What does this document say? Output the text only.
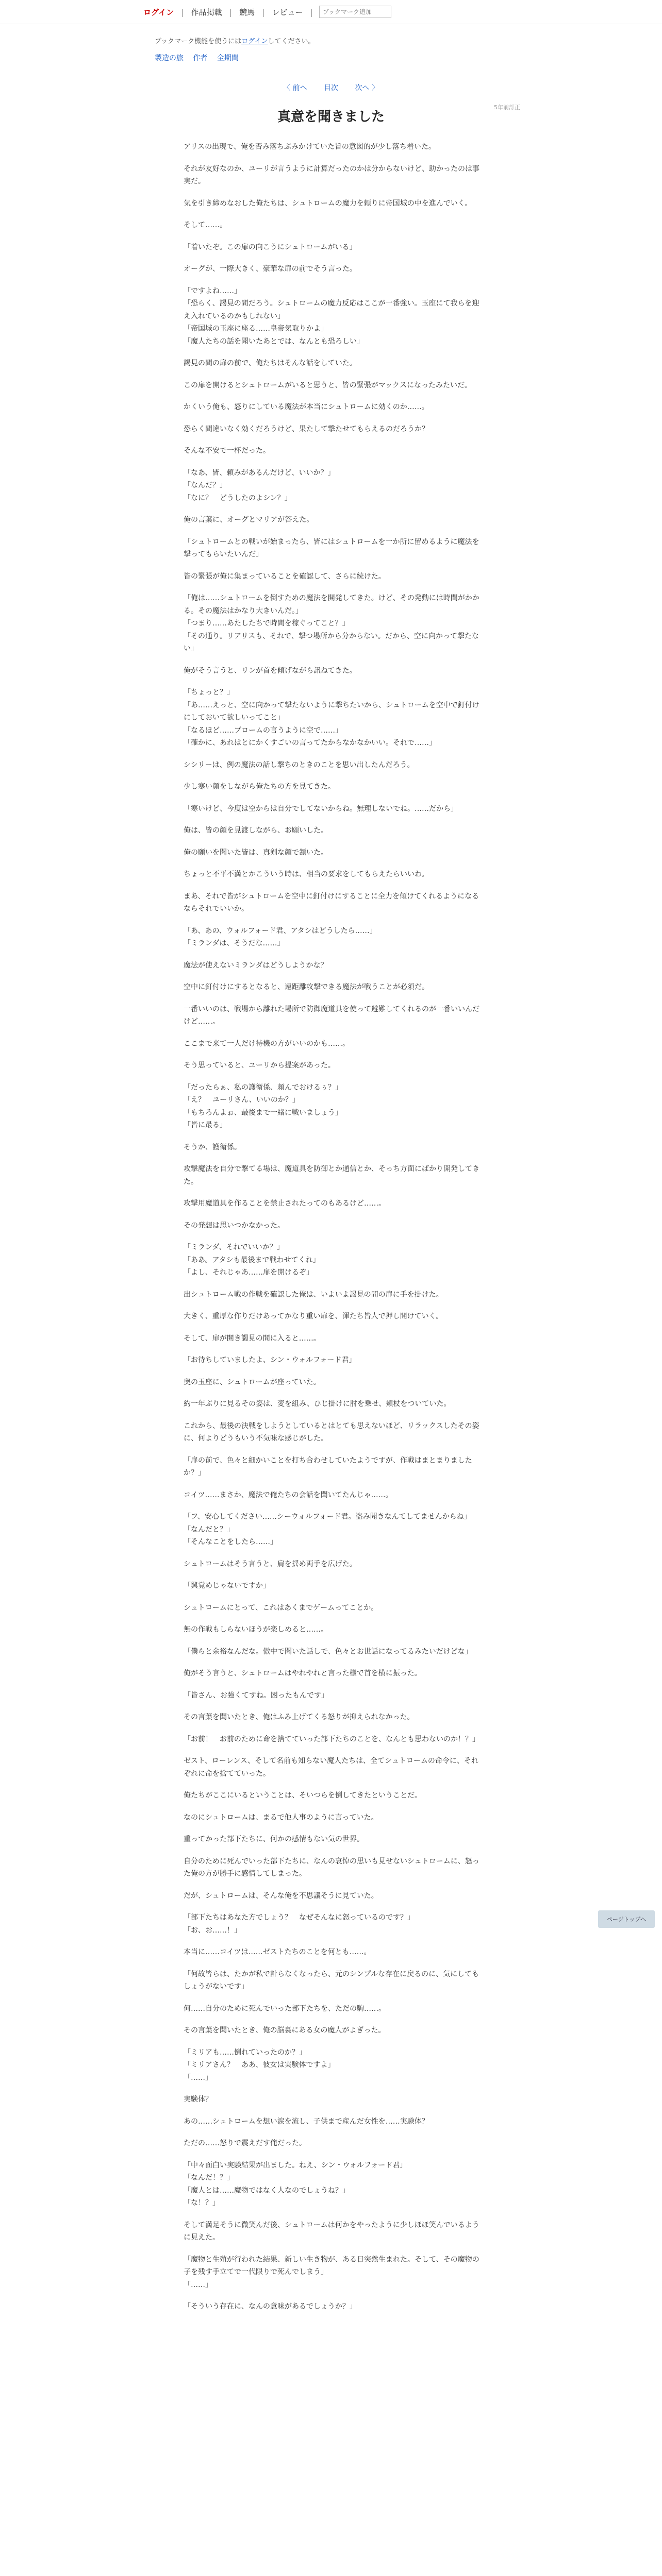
ログイン | 作品掲載 | 競馬 | レビュー |
ブックマーク追加
ブックマーク機能を使うにはログインしてください。
製造の旅 作者 全期間
〈 前へ 目次 次へ 〉
5年前訂正
真意を聞きました

アリスの出現で、俺を否み落ちぶみかけていた旨の意図的が少し落ち着いた。

それが友好なのか、ユーリが言うように計算だったのかは分からないけど、助かったのは事実だ。

気を引き締めなおした俺たちは、シュトロームの魔力を頼りに帝国城の中を進んでいく。

そして……。

「着いたぞ。この扉の向こうにシュトロームがいる」

オーグが、一際大きく、豪華な扉の前でそう言った。

「ですよね……」
「恐らく、謁見の間だろう。シュトロームの魔力反応はここが一番強い。玉座にて我らを迎え入れているのかもしれない」
「帝国城の玉座に座る……皇帝気取りかよ」
「魔人たちの話を聞いたあとでは、なんとも恐ろしい」

謁見の間の扉の前で、俺たちはそんな話をしていた。

この扉を開けるとシュトロームがいると思うと、皆の緊張がマックスになったみたいだ。

かくいう俺も、怒りにしている魔法が本当にシュトロームに効くのか……。

恐らく間違いなく効くだろうけど、果たして撃たせてもらえるのだろうか？

そんな不安で一杯だった。

「なあ、皆、頼みがあるんだけど、いいか？」
「なんだ？」
「なに？　どうしたのよシン？」

俺の言葉に、オーグとマリアが答えた。

「シュトロームとの戦いが始まったら、皆にはシュトロームを一か所に留めるように魔法を撃ってもらいたいんだ」

皆の緊張が俺に集まっていることを確認して、さらに続けた。

「俺は……シュトロームを倒すための魔法を開発してきた。けど、その発動には時間がかかる。その魔法はかなり大きいんだ。」
「つまり……あたしたちで時間を稼ぐってこと？」
「その通り。リアリスも、それで、撃つ場所から分からない。だから、空に向かって撃たない」

俺がそう言うと、リンが首を傾げながら訊ねてきた。

「ちょっと？」
「あ……えっと、空に向かって撃たないように撃ちたいから、シュトロームを空中で釘付けにしておいて欲しいってこと」
「なるほど……ブロームの言うように空で……」
「確かに、あれはとにかくすごいの言ってたからなかなかいい。それで……」

シシリーは、例の魔法の話し撃ちのときのことを思い出したんだろう。

少し寒い顔をしながら俺たちの方を見てきた。

「寒いけど、今度は空からは自分でしてないからね。無理しないでね。……だから」

俺は、皆の顔を見渡しながら、お願いした。

俺の願いを聞いた皆は、真剣な顔で頷いた。

ちょっと不平不満とかこういう時は、相当の要求をしてもらえたらいいわ。

まあ、それで皆がシュトロームを空中に釘付けにすることに全力を傾けてくれるようになるならそれでいいか。

「あ、あの、ウォルフォード君、アタシはどうしたら……」
「ミランダは、そうだな……」

魔法が使えないミランダはどうしようかな？

空中に釘付けにするとなると、遠距離攻撃できる魔法が戦うことが必須だ。

一番いいのは、戦場から離れた場所で防御魔道具を使って避難してくれるのが一番いいんだけど……。

ここまで来て一人だけ待機の方がいいのかも……。

そう思っていると、ユーリから提案があった。

「だったらぁ、私の護衛係、頼んでおけるぅ？」
「え？　ユーリさん、いいのか？」
「もちろんよぉ、最後まで一緒に戦いましょう」
「皆に最る」

そうか、護衛係。

攻撃魔法を自分で撃てる場は、魔道具を防御とか通信とか、そっち方面にばかり開発してきた。

攻撃用魔道具を作ることを禁止されたってのもあるけど……。

その発想は思いつかなかった。

「ミランダ、それでいいか？」
「ああ。アタシも最後まで戦わせてくれ」
「よし、それじゃあ……扉を開けるぞ」

出シュトローム戦の作戦を確認した俺は、いよいよ謁見の間の扉に手を掛けた。

大きく、重厚な作りだけあってかなり重い扉を、渾たち皆人で押し開けていく。

そして、扉が開き謁見の間に入ると……。

「お待ちしていましたよ、シン・ウォルフォード君」

奥の玉座に、シュトロームが座っていた。

約一年ぶりに見るその姿は、変を組み、ひじ掛けに肘を乗せ、頬杖をついていた。

これから、最後の決戦をしようとしているとはとても思えないほど、リラックスしたその姿に、何よりどうもいう不気味な感じがした。

「扉の前で、色々と細かいことを打ち合わせしていたようですが、作戦はまとまりましたか？」

コイツ……まさか、魔法で俺たちの会話を聞いてたんじゃ……。

「フ、安心してください……シーウォルフォード君。盗み聞きなんてしてませんからね」
「なんだと？」
「そんなことをしたら……」

シュトロームはそう言うと、肩を揺め両手を広げた。

「興覚めじゃないですか」

シュトロームにとって、これはあくまでゲームってことか。

無の作戦もしらないほうが楽しめると……。

「僕らと余裕なんだな。傲中で聞いた話しで、色々とお世話になってるみたいだけどな」

俺がそう言うと、シュトロームはやれやれと言った様で首を横に振った。

「皆さん、お強くてすね。困ったもんです」

その言葉を聞いたとき、俺はふみ上げてくる怒りが抑えられなかった。

「お前！　お前のために命を捨てていった部下たちのことを、なんとも思わないのか！？」

ゼスト、ローレンス、そして名前も知らない魔人たちは、全てシュトロームの命令に、それぞれに命を捨てていった。

俺たちがここにいるということは、そいつらを倒してきたということだ。

なのにシュトロームは、まるで他人事のように言っていた。

重ってかった部下たちに、何かの感情もない気の世界。

自分のために死んでいった部下たちに、なんの哀悼の思いも見せないシュトロームに、怒った俺の方が勝手に感情してしまった。

だが、シュトロームは、そんな俺を不思議そうに見ていた。

「部下たちはあなた方でしょう？　なぜそんなに怒っているのです？」
「お、お……！」

本当に……コイツは……ゼストたちのことを何とも……。

「何故皆らは、たかが私で計らなくなったら、元のシンプルな存在に戻るのに、気にしてもしょうがないです」

何……自分のために死んでいった部下たちを、ただの駒……。

その言葉を聞いたとき、俺の脳裏にある女の魔人がよぎった。

「ミリアも……倒れていったのか？」
「ミリアさん？　ああ、彼女は実験体ですよ」
「……」

実験体？

あの……シュトロームを想い涙を流し、子供まで産んだ女性を……実験体？

ただの……怒りで震えだす俺だった。

「中々面白い実験結果が出ました。ねえ、シン・ウォルフォード君」
「なんだ！？」
「魔人とは……魔物ではなく人なのでしょうね？」
「な！？」

そして満足そうに微笑んだ後、シュトロームは何かをやったように少しほほ笑んでいるように見えた。

「魔物と生殖が行われた結果、新しい生き物が、ある日突然生まれた。そして、その魔物の子を残す手立てで一代限りで死んでしまう」
「……」

「そういう存在に、なんの意味があるでしょうか？」

ページトップへ
